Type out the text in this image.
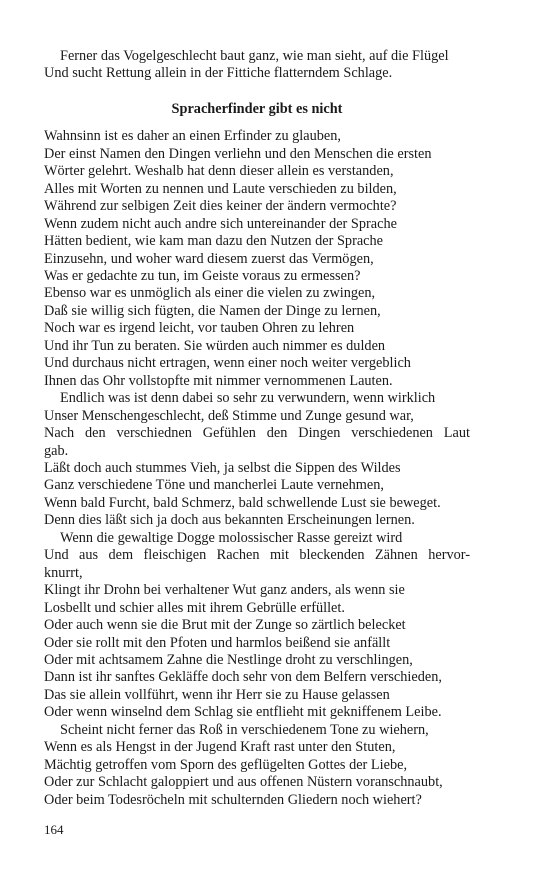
Ferner das Vogelgeschlecht baut ganz, wie man sieht, auf die Flügel
Und sucht Rettung allein in der Fittiche flatterndem Schlage.
Spracherfinder gibt es nicht
Wahnsinn ist es daher an einen Erfinder zu glauben,
Der einst Namen den Dingen verliehn und den Menschen die ersten
Wörter gelehrt. Weshalb hat denn dieser allein es verstanden,
Alles mit Worten zu nennen und Laute verschieden zu bilden,
Während zur selbigen Zeit dies keiner der ändern vermochte?
Wenn zudem nicht auch andre sich untereinander der Sprache
Hätten bedient, wie kam man dazu den Nutzen der Sprache
Einzusehn, und woher ward diesem zuerst das Vermögen,
Was er gedachte zu tun, im Geiste voraus zu ermessen?
Ebenso war es unmöglich als einer die vielen zu zwingen,
Daß sie willig sich fügten, die Namen der Dinge zu lernen,
Noch war es irgend leicht, vor tauben Ohren zu lehren
Und ihr Tun zu beraten. Sie würden auch nimmer es dulden
Und durchaus nicht ertragen, wenn einer noch weiter vergeblich
Ihnen das Ohr vollstopfte mit nimmer vernommenen Lauten.
Endlich was ist denn dabei so sehr zu verwundern, wenn wirklich
Unser Menschengeschlecht, deß Stimme und Zunge gesund war,
Nach den verschiednen Gefühlen den Dingen verschiedenen Laut
gab.
Läßt doch auch stummes Vieh, ja selbst die Sippen des Wildes
Ganz verschiedene Töne und mancherlei Laute vernehmen,
Wenn bald Furcht, bald Schmerz, bald schwellende Lust sie beweget.
Denn dies läßt sich ja doch aus bekannten Erscheinungen lernen.
Wenn die gewaltige Dogge molossischer Rasse gereizt wird
Und aus dem fleischigen Rachen mit bleckenden Zähnen hervor-
knurrt,
Klingt ihr Drohn bei verhaltener Wut ganz anders, als wenn sie
Losbellt und schier alles mit ihrem Gebrülle erfüllet.
Oder auch wenn sie die Brut mit der Zunge so zärtlich belecket
Oder sie rollt mit den Pfoten und harmlos beißend sie anfällt
Oder mit achtsamem Zahne die Nestlinge droht zu verschlingen,
Dann ist ihr sanftes Gekläffe doch sehr von dem Belfern verschieden,
Das sie allein vollführt, wenn ihr Herr sie zu Hause gelassen
Oder wenn winselnd dem Schlag sie entflieht mit gekniffenem Leibe.
Scheint nicht ferner das Roß in verschiedenem Tone zu wiehern,
Wenn es als Hengst in der Jugend Kraft rast unter den Stuten,
Mächtig getroffen vom Sporn des geflügelten Gottes der Liebe,
Oder zur Schlacht galoppiert und aus offenen Nüstern voranschnaubt,
Oder beim Todesröcheln mit schulternden Gliedern noch wiehert?
164
